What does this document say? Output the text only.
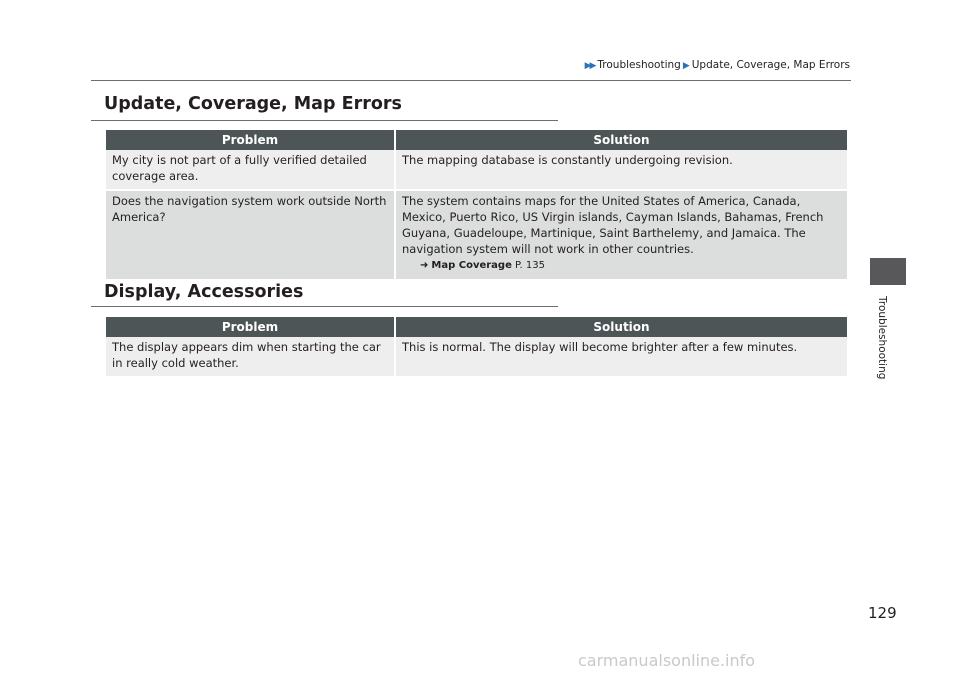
▶▶ Troubleshooting ▶ Update, Coverage, Map Errors
Update, Coverage, Map Errors
Problem	Solution
My city is not part of a fully verified detailed coverage area.	The mapping database is constantly undergoing revision.
Does the navigation system work outside North America?	The system contains maps for the United States of America, Canada, Mexico, Puerto Rico, US Virgin islands, Cayman Islands, Bahamas, French Guyana, Guadeloupe, Martinique, Saint Barthelemy, and Jamaica. The navigation system will not work in other countries.
➜ Map Coverage P. 135
Display, Accessories
Problem	Solution
The display appears dim when starting the car in really cold weather.	This is normal. The display will become brighter after a few minutes.	Troubleshooting
129
carmanualsonline.info
